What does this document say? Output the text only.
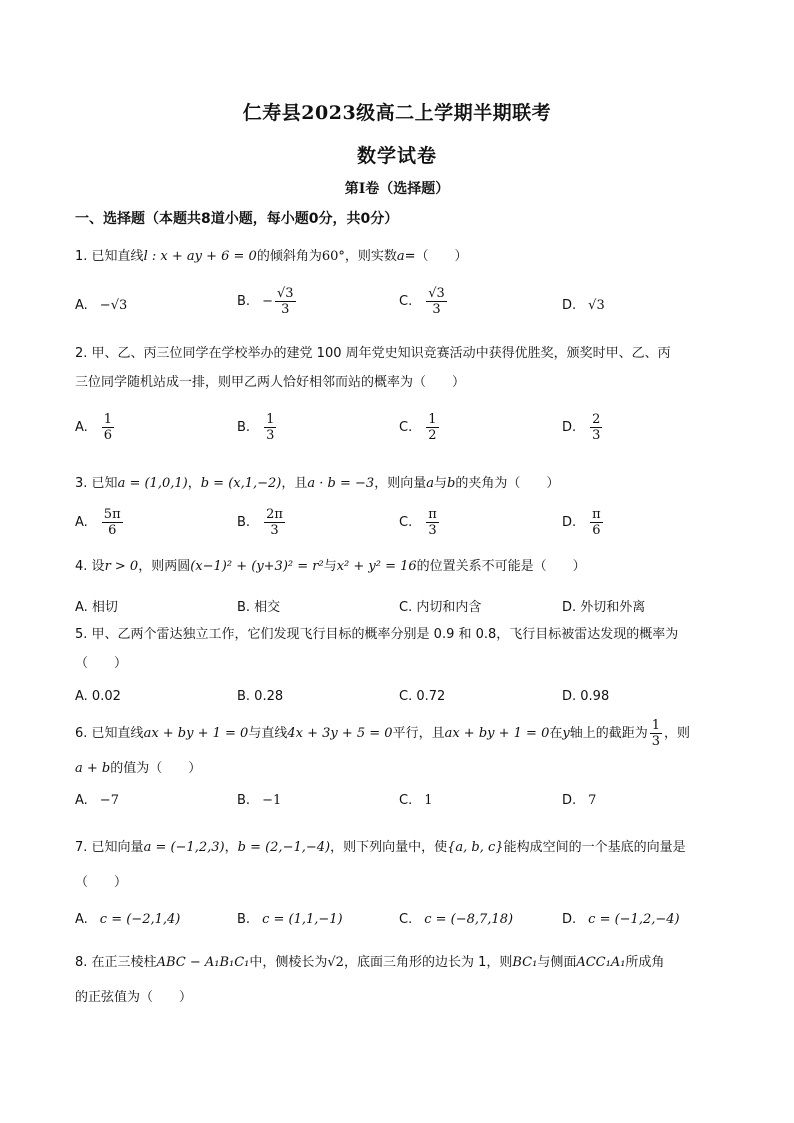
仁寿县2023级高二上学期半期联考
数学试卷
第I卷（选择题）
一、选择题（本题共8道小题，每小题0分，共0分）
1. 已知直线l : x + ay + 6 = 0的倾斜角为60°，则实数a=（　　）
A. −√3	B. − $\frac{√3}{3}$	C. $\frac{√3}{3}$	D. √3
2. 甲、乙、丙三位同学在学校举办的建党 100 周年党史知识竞赛活动中获得优胜奖，颁奖时甲、乙、丙
三位同学随机站成一排，则甲乙两人恰好相邻而站的概率为（　　）
A. $\frac{1}{6}$	B. $\frac{1}{3}$	C. $\frac{1}{2}$	D. $\frac{2}{3}$
3. 已知a = (1,0,1)，b = (x,1,−2)，且a · b = −3，则向量a与b的夹角为（　　）
A. $\frac{5\pi}{6}$	B. $\frac{2\pi}{3}$	C. $\frac{\pi}{3}$	D. $\frac{\pi}{6}$
4. 设r > 0，则两圆(x−1)² + (y+3)² = r²与x² + y² = 16的位置关系不可能是（　　）
A. 相切	B. 相交	C. 内切和内含	D. 外切和外离
5. 甲、乙两个雷达独立工作，它们发现飞行目标的概率分别是 0.9 和 0.8，飞行目标被雷达发现的概率为
（　　）
A. 0.02	B. 0.28	C. 0.72	D. 0.98
6.
已知直线 ax + by + 1 = 0 与直线 4x + 3y + 5 = 0 平行，且 ax + by + 1 = 0 在 y 轴上的截距为 $\frac{1}{3}$ ，则
a + b的值为（　　）
A. −7	B. −1	C. 1	D. 7
7. 已知向量a = (−1,2,3)，b = (2,−1,−4)，则下列向量中，使{a, b, c}能构成空间的一个基底的向量是
（　　）
A. c = (−2,1,4)	B. c = (1,1,−1)	C. c = (−8,7,18)	D. c = (−1,2,−4)
8. 在正三棱柱ABC − A₁B₁C₁中，侧棱长为√2，底面三角形的边长为 1，则BC₁与侧面ACC₁A₁所成角
的正弦值为（　　）
